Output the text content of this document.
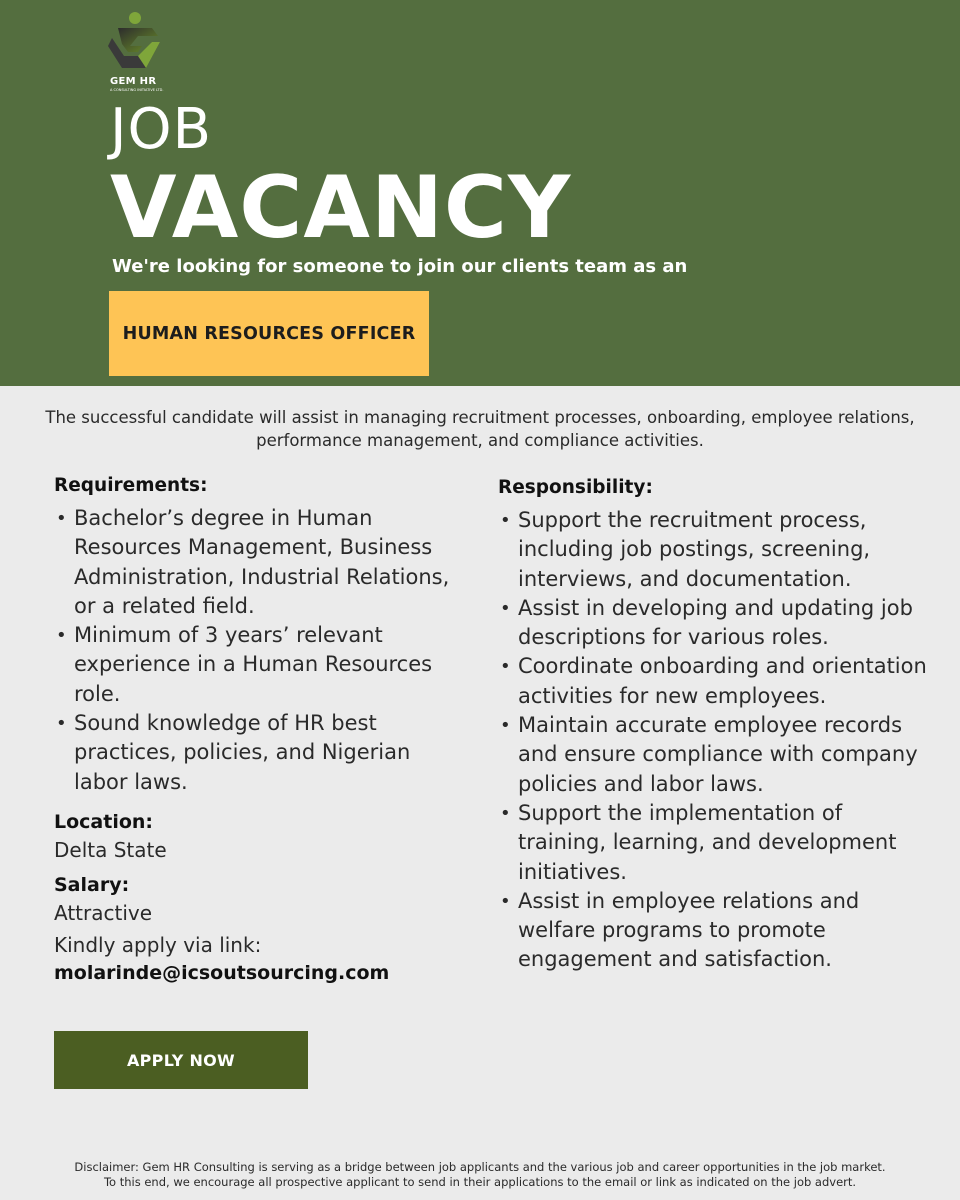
GEM HR
A CONSULTING INITIATIVE LTD.
JOB
VACANCY
We're looking for someone to join our clients team as an
HUMAN RESOURCES OFFICER

The successful candidate will assist in managing recruitment processes, onboarding, employee relations, performance management, and compliance activities.

Requirements:
• Bachelor’s degree in Human Resources Management, Business Administration, Industrial Relations, or a related field.
• Minimum of 3 years’ relevant experience in a Human Resources role.
• Sound knowledge of HR best practices, policies, and Nigerian labor laws.
Location:
Delta State
Salary:
Attractive
Kindly apply via link:
molarinde@icsoutsourcing.com
Responsibility:
• Support the recruitment process, including job postings, screening, interviews, and documentation.
• Assist in developing and updating job descriptions for various roles.
• Coordinate onboarding and orientation activities for new employees.
• Maintain accurate employee records and ensure compliance with company policies and labor laws.
• Support the implementation of training, learning, and development initiatives.
• Assist in employee relations and welfare programs to promote engagement and satisfaction.
APPLY NOW
Disclaimer: Gem HR Consulting is serving as a bridge between job applicants and the various job and career opportunities in the job market.
To this end, we encourage all prospective applicant to send in their applications to the email or link as indicated on the job advert.
